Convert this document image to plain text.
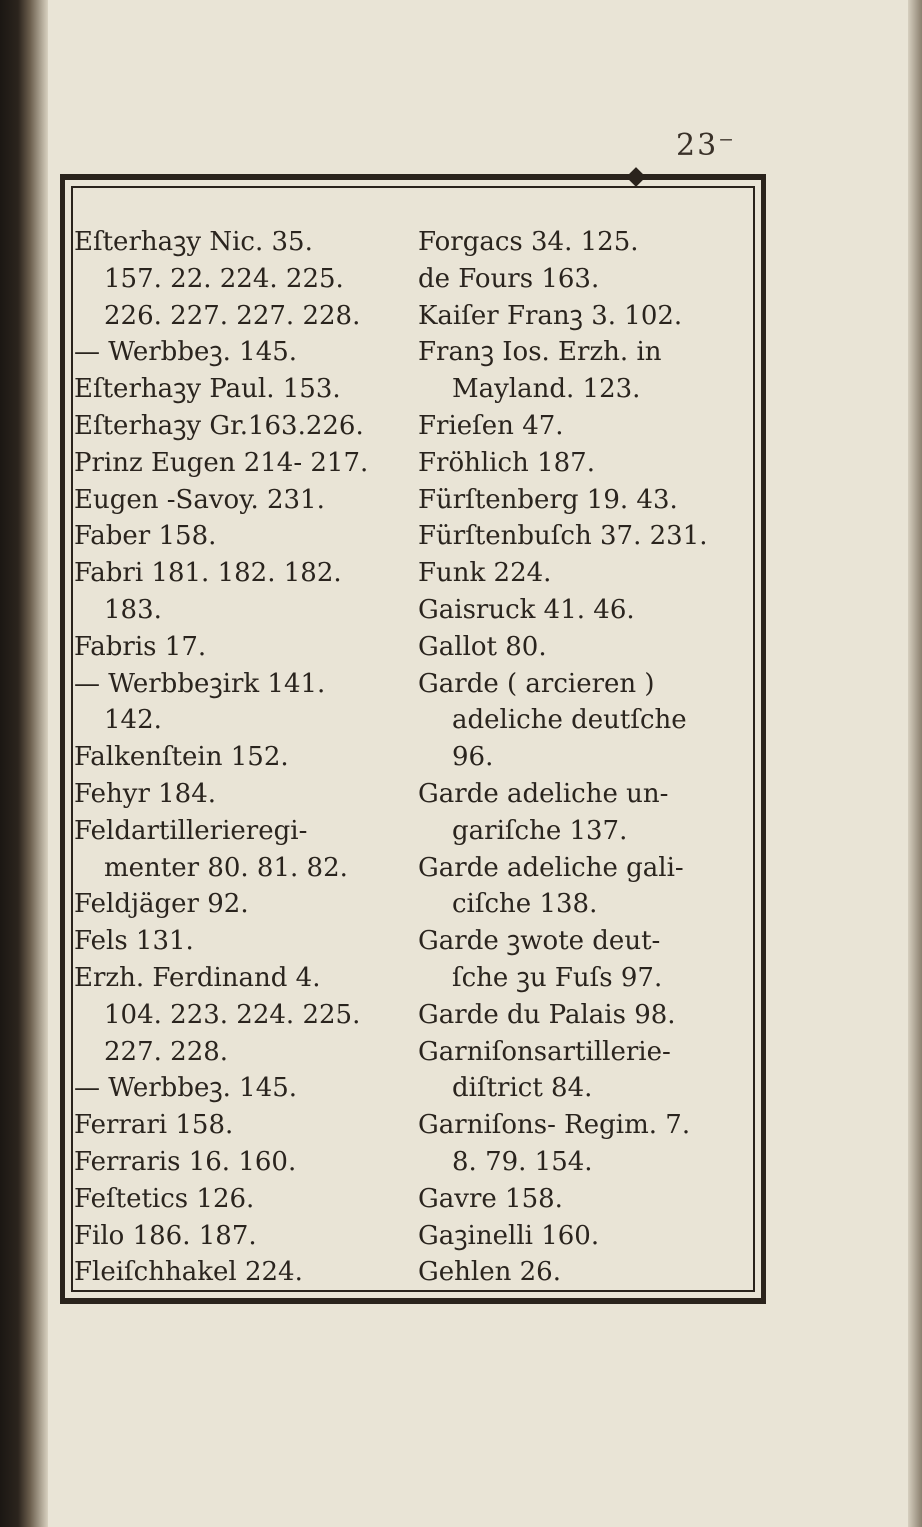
23⁻
Eſterhaꝫy Nic. 35.
157. 22. 224. 225.
226. 227. 227. 228.
— Werbbeꝫ. 145.
Eſterhaꝫy Paul. 153.
Eſterhaꝫy Gr.163.226.
Prinz Eugen 214- 217.
Eugen -Savoy. 231.
Faber 158.
Fabri 181. 182. 182.
183.
Fabris 17.
— Werbbeꝫirk 141.
142.
Falkenſtein 152.
Fehyr 184.
Feldartillerieregi-
menter 80. 81. 82.
Feldjäger 92.
Fels 131.
Erzh. Ferdinand 4.
104. 223. 224. 225.
227. 228.
— Werbbeꝫ. 145.
Ferrari 158.
Ferraris 16. 160.
Feſtetics 126.
Filo 186. 187.
Fleiſchhakel 224.
Forgacs 34. 125.
de Fours 163.
Kaiſer Franꝫ 3. 102.
Franꝫ Ios. Erzh. in
Mayland. 123.
Frieſen 47.
Fröhlich 187.
Fürſtenberg 19. 43.
Fürſtenbuſch 37. 231.
Funk 224.
Gaisruck 41. 46.
Gallot 80.
Garde ( arcieren )
adeliche deutſche
96.
Garde adeliche un-
gariſche 137.
Garde adeliche gali-
ciſche 138.
Garde ꝫwote deut-
ſche ꝫu Fuſs 97.
Garde du Palais 98.
Garniſonsartillerie-
diſtrict 84.
Garniſons- Regim. 7.
8. 79. 154.
Gavre 158.
Gaꝫinelli 160.
Gehlen 26.
